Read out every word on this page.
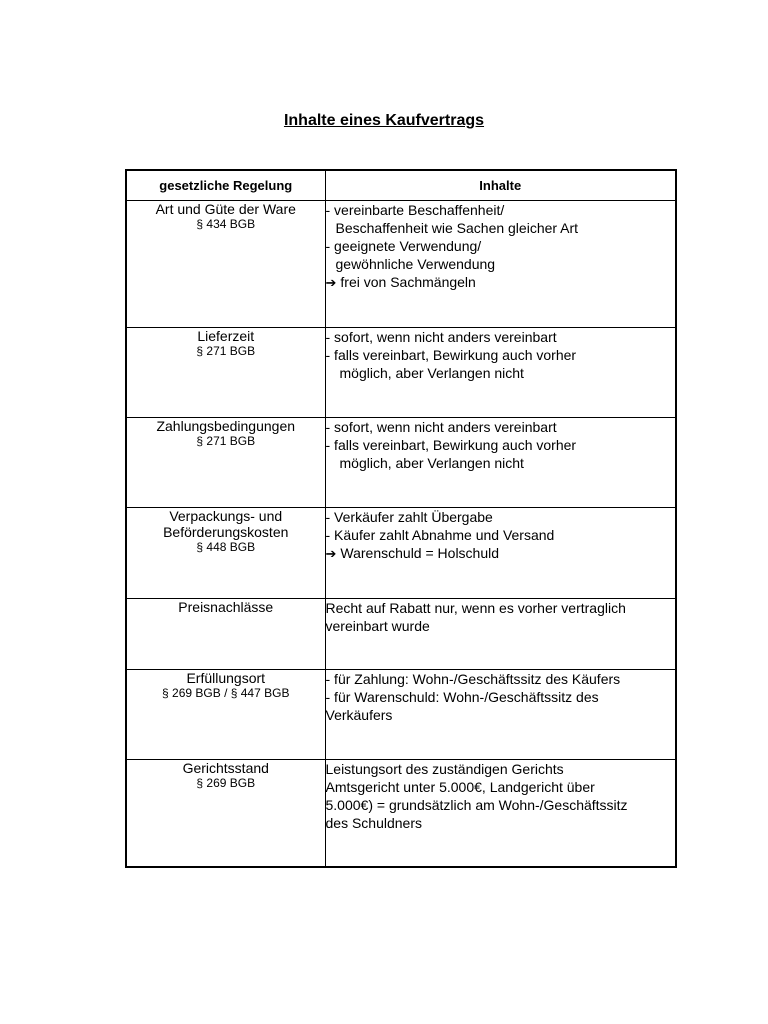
Inhalte eines Kaufvertrags
gesetzliche Regelung	Inhalte

Art und Güte der Ware
§ 434 BGB	- vereinbarte Beschaffenheit/
Beschaffenheit wie Sachen gleicher Art
- geeignete Verwendung/
gewöhnliche Verwendung
➔ frei von Sachmängeln

Lieferzeit
§ 271 BGB	- sofort, wenn nicht anders vereinbart
- falls vereinbart, Bewirkung auch vorher
möglich, aber Verlangen nicht

Zahlungsbedingungen
§ 271 BGB	- sofort, wenn nicht anders vereinbart
- falls vereinbart, Bewirkung auch vorher
möglich, aber Verlangen nicht

Verpackungs- und
Beförderungskosten
§ 448 BGB	- Verkäufer zahlt Übergabe
- Käufer zahlt Abnahme und Versand
➔ Warenschuld = Holschuld

Preisnachlässe	Recht auf Rabatt nur, wenn es vorher vertraglich
vereinbart wurde

Erfüllungsort
§ 269 BGB / § 447 BGB	- für Zahlung: Wohn-/Geschäftssitz des Käufers
- für Warenschuld: Wohn-/Geschäftssitz des
Verkäufers

Gerichtsstand
§ 269 BGB	Leistungsort des zuständigen Gerichts
Amtsgericht unter 5.000€, Landgericht über
5.000€) = grundsätzlich am Wohn-/Geschäftssitz
des Schuldners
